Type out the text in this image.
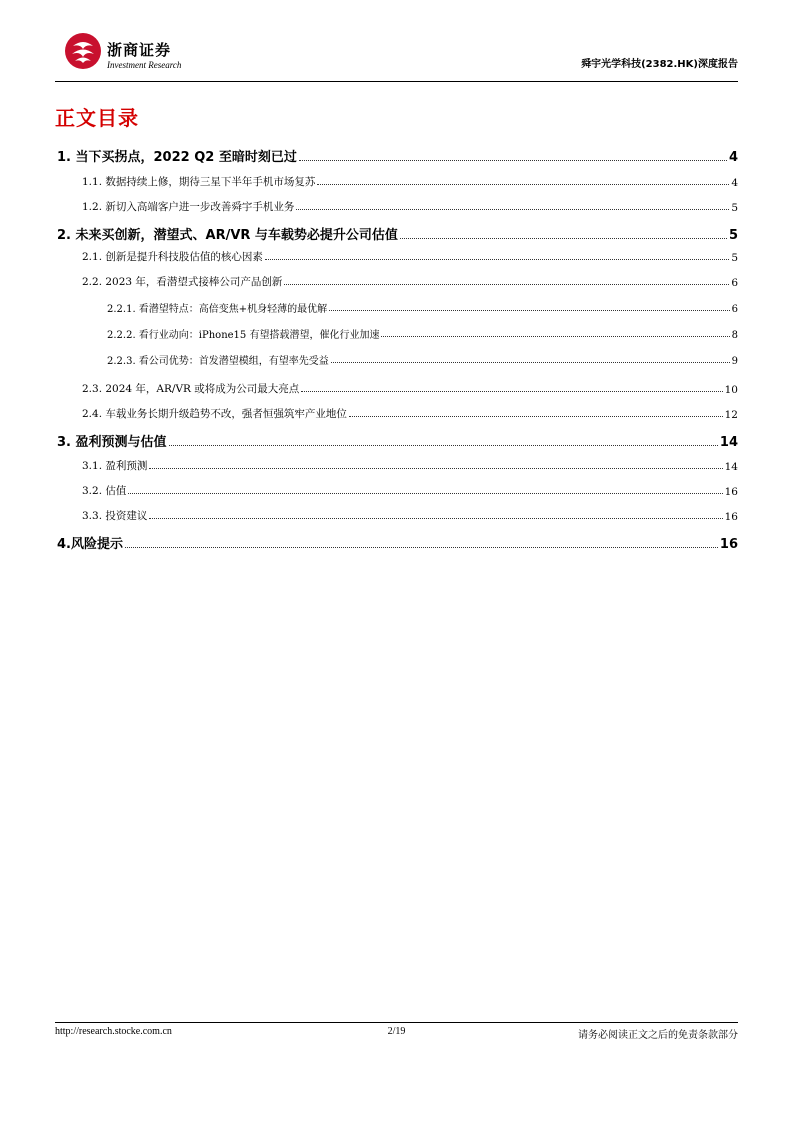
浙商证券
Investment Research	舜宇光学科技(2382.HK)深度报告
正文目录
1. 当下买拐点，2022 Q2 至暗时刻已过	4
1.1. 数据持续上修，期待三星下半年手机市场复苏	4
1.2. 新切入高端客户进一步改善舜宇手机业务	5
2. 未来买创新，潜望式、AR/VR 与车载势必提升公司估值	5
2.1. 创新是提升科技股估值的核心因素	5
2.2. 2023 年，看潜望式接棒公司产品创新	6
2.2.1. 看潜望特点：高倍变焦+机身轻薄的最优解	6
2.2.2. 看行业动向：iPhone15 有望搭载潜望，催化行业加速	8
2.2.3. 看公司优势：首发潜望模组，有望率先受益	9
2.3. 2024 年，AR/VR 或将成为公司最大亮点	10
2.4. 车载业务长期升级趋势不改，强者恒强筑牢产业地位	12
3. 盈利预测与估值	14
3.1. 盈利预测	14
3.2. 估值	16
3.3. 投资建议	16
4.风险提示	16
http://research.stocke.com.cn	2/19	请务必阅读正文之后的免责条款部分
